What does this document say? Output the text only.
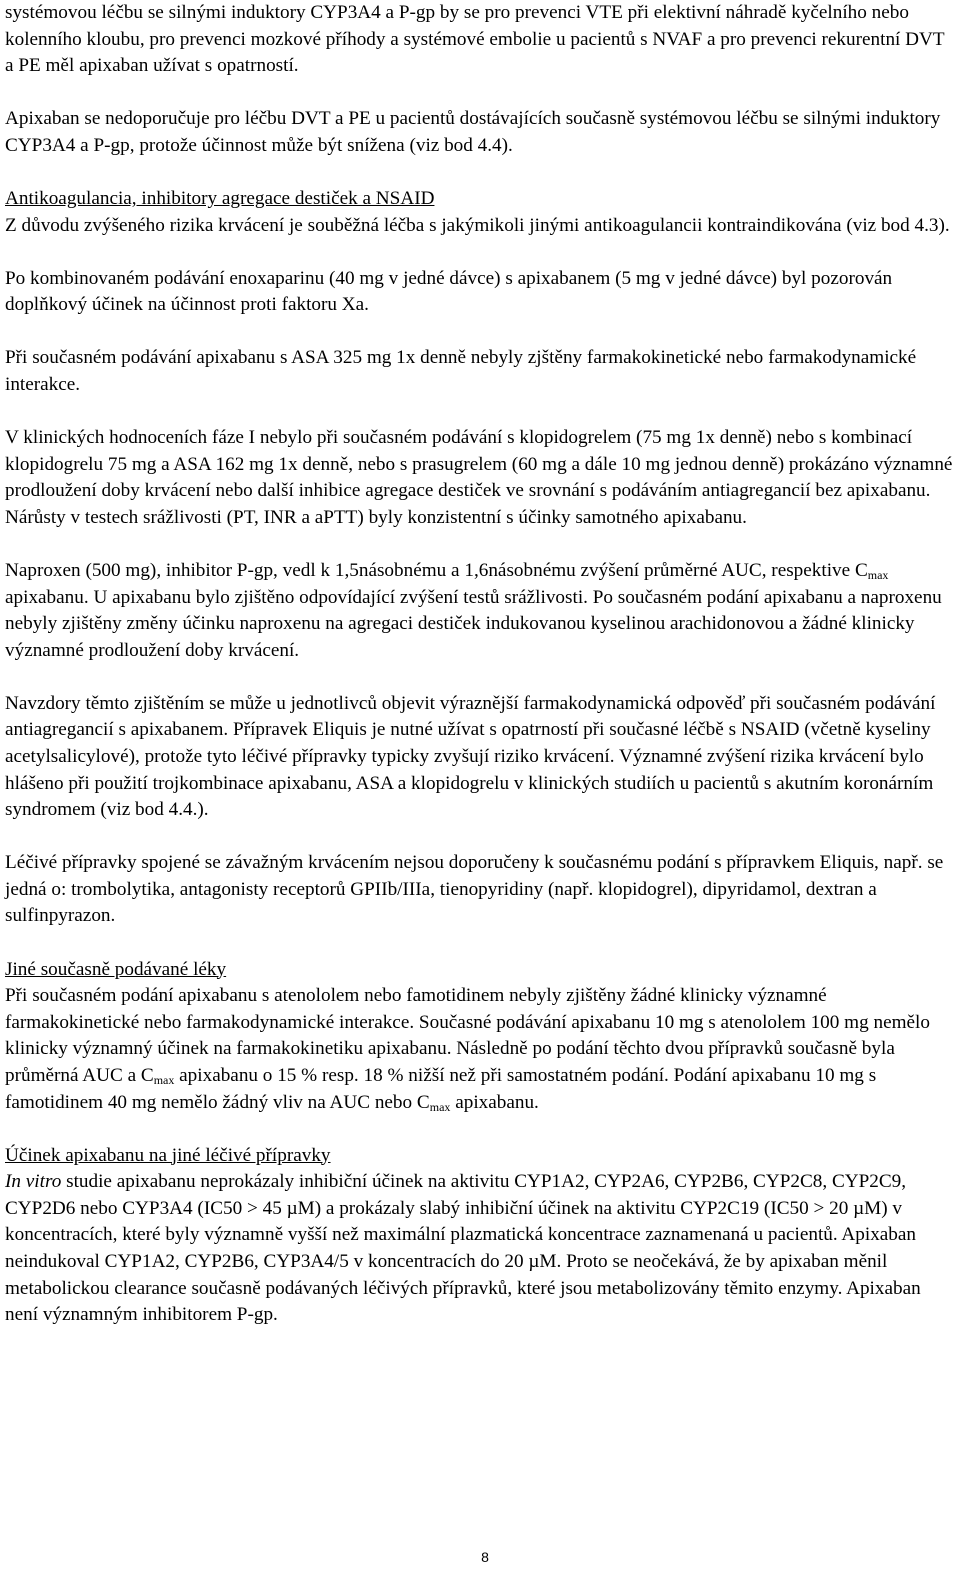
systémovou léčbu se silnými induktory CYP3A4 a P-gp by se pro prevenci VTE při elektivní náhradě kyčelního nebo kolenního kloubu, pro prevenci mozkové příhody a systémové embolie u pacientů s NVAF a pro prevenci rekurentní DVT a PE měl apixaban užívat s opatrností.

Apixaban se nedoporučuje pro léčbu DVT a PE u pacientů dostávajících současně systémovou léčbu se silnými induktory CYP3A4 a P-gp, protože účinnost může být snížena (viz bod 4.4).

Antikoagulancia, inhibitory agregace destiček a NSAID

Z důvodu zvýšeného rizika krvácení je souběžná léčba s jakýmikoli jinými antikoagulancii kontraindikována (viz bod 4.3).

Po kombinovaném podávání enoxaparinu (40 mg v jedné dávce) s apixabanem (5 mg v jedné dávce) byl pozorován doplňkový účinek na účinnost proti faktoru Xa.

Při současném podávání apixabanu s ASA 325 mg 1x denně nebyly zjštěny farmakokinetické nebo farmakodynamické interakce.

V klinických hodnoceních fáze I nebylo při současném podávání s klopidogrelem (75 mg 1x denně) nebo s kombinací klopidogrelu 75 mg a ASA 162 mg 1x denně, nebo s prasugrelem (60 mg a dále 10 mg jednou denně) prokázáno významné prodloužení doby krvácení nebo další inhibice agregace destiček ve srovnání s podáváním antiagregancií bez apixabanu. Nárůsty v testech srážlivosti (PT, INR a aPTT) byly konzistentní s účinky samotného apixabanu.

Naproxen (500 mg), inhibitor P-gp, vedl k 1,5násobnému a 1,6násobnému zvýšení průměrné AUC, respektive $C_{max}$ apixabanu. U apixabanu bylo zjištěno odpovídající zvýšení testů srážlivosti. Po současném podání apixabanu a naproxenu nebyly zjištěny změny účinku naproxenu na agregaci destiček indukovanou kyselinou arachidonovou a žádné klinicky významné prodloužení doby krvácení.

Navzdory těmto zjištěním se může u jednotlivců objevit výraznější farmakodynamická odpověď při současném podávání antiagregancií s apixabanem. Přípravek Eliquis je nutné užívat s opatrností při současné léčbě s NSAID (včetně kyseliny acetylsalicylové), protože tyto léčivé přípravky typicky zvyšují riziko krvácení. Významné zvýšení rizika krvácení bylo hlášeno při použití trojkombinace apixabanu, ASA a klopidogrelu v klinických studiích u pacientů s akutním koronárním syndromem (viz bod 4.4.).

Léčivé přípravky spojené se závažným krvácením nejsou doporučeny k současnému podání s přípravkem Eliquis, např. se jedná o: trombolytika, antagonisty receptorů GPIIb/IIIa, tienopyridiny (např. klopidogrel), dipyridamol, dextran a sulfinpyrazon.

Jiné současně podávané léky

Při současném podání apixabanu s atenololem nebo famotidinem nebyly zjištěny žádné klinicky významné farmakokinetické nebo farmakodynamické interakce. Současné podávání apixabanu 10 mg s atenololem 100 mg nemělo klinicky významný účinek na farmakokinetiku apixabanu. Následně po podání těchto dvou přípravků současně byla průměrná AUC a $C_{max}$ apixabanu o 15 % resp. 18 % nižší než při samostatném podání. Podání apixabanu 10 mg s famotidinem 40 mg nemělo žádný vliv na AUC nebo $C_{max}$ apixabanu.

Účinek apixabanu na jiné léčivé přípravky

In vitro studie apixabanu neprokázaly inhibiční účinek na aktivitu CYP1A2, CYP2A6, CYP2B6, CYP2C8, CYP2C9, CYP2D6 nebo CYP3A4 (IC50 > 45 µM) a prokázaly slabý inhibiční účinek na aktivitu CYP2C19 (IC50 > 20 µM) v koncentracích, které byly významně vyšší než maximální plazmatická koncentrace zaznamenaná u pacientů. Apixaban neindukoval CYP1A2, CYP2B6, CYP3A4/5 v koncentracích do 20 µM. Proto se neočekává, že by apixaban měnil metabolickou clearance současně podávaných léčivých přípravků, které jsou metabolizovány těmito enzymy. Apixaban není významným inhibitorem P-gp.

8
